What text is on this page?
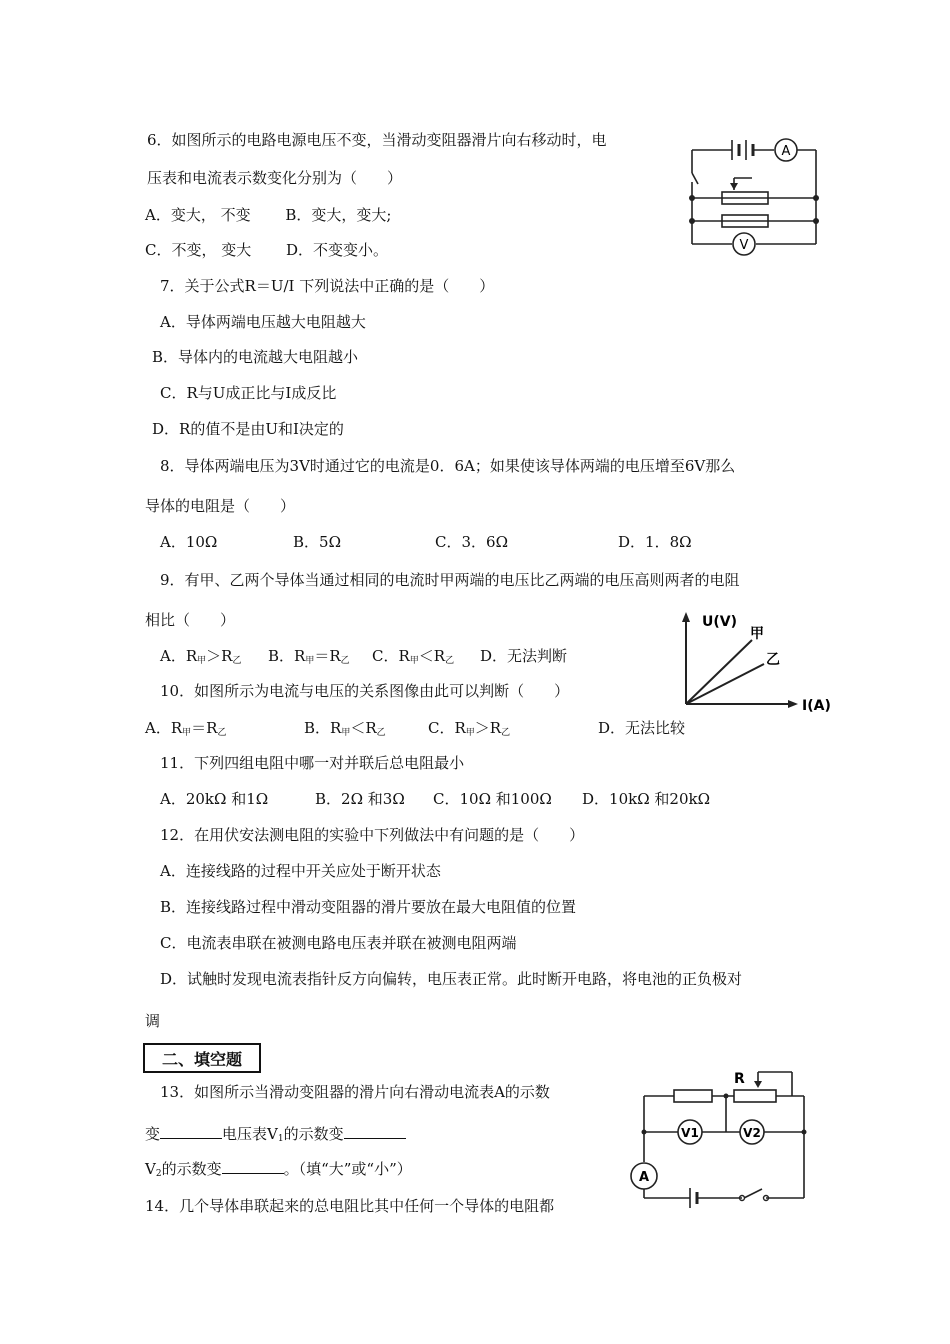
6．如图所示的电路电源电压不变，当滑动变阻器滑片向右移动时，电
压表和电流表示数变化分别为（　　）
A．变大， 不变　　 B．变大，变大;
C．不变， 变大　　 D．不变变小。
A
V
7．关于公式R＝U/I 下列说法中正确的是（　　）
A．导体两端电压越大电阻越大
B．导体内的电流越大电阻越小
C．R与U成正比与I成反比
D．R的值不是由U和I决定的
8．导体两端电压为3V时通过它的电流是0．6A；如果使该导体两端的电压增至6V那么
导体的电阻是（　　）
A．10Ω	B．5Ω	C．3．6Ω	D．1．8Ω
9．有甲、乙两个导体当通过相同的电流时甲两端的电压比乙两端的电压高则两者的电阻
相比（　　）
A．$R_甲>R_乙$ B．$R_甲=R_乙$ C．$R_甲<R_乙$ D．无法判断
10．如图所示为电流与电压的关系图像由此可以判断（　　）
A．$R_甲=R_乙$	B．$R_甲<R_乙$	C．$R_甲>R_乙$	D．无法比较
U(V)
甲
乙
I(A)
11．下列四组电阻中哪一对并联后总电阻最小
A．20kΩ 和1Ω	B．2Ω 和3Ω C．10Ω 和100Ω D．10kΩ 和20kΩ
12．在用伏安法测电阻的实验中下列做法中有问题的是（　　）
A．连接线路的过程中开关应处于断开状态
B．连接线路过程中滑动变阻器的滑片要放在最大电阻值的位置
C．电流表串联在被测电路电压表并联在被测电阻两端
D．试触时发现电流表指针反方向偏转，电压表正常。此时断开电路，将电池的正负极对
调
二、填空题
13．如图所示当滑动变阻器的滑片向右滑动电流表A的示数
变	电压表$V_1$的示数变
$V_2$的示数变	。（填“大”或“小”）
R
V1	V2
A
14．几个导体串联起来的总电阻比其中任何一个导体的电阻都
